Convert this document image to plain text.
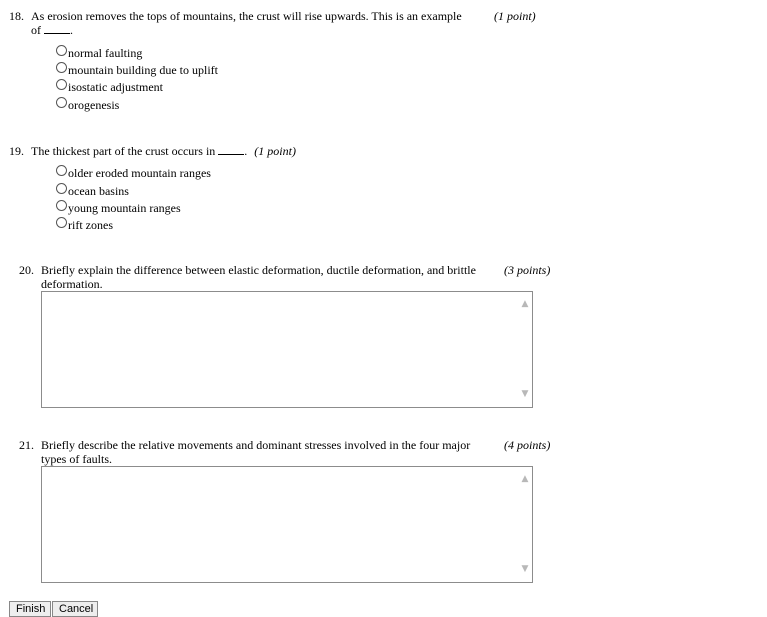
18. As erosion removes the tops of mountains, the crust will rise upwards. This is an example
of .
(1 point)
normal faulting
mountain building due to uplift
isostatic adjustment
orogenesis
19. The thickest part of the crust occurs in . (1 point)
older eroded mountain ranges
ocean basins
young mountain ranges
rift zones
20. Briefly explain the difference between elastic deformation, ductile deformation, and brittle
deformation.
(3 points)
▲
▼
21. Briefly describe the relative movements and dominant stresses involved in the four major
types of faults.
(4 points)
▲
▼
Finish	Cancel
